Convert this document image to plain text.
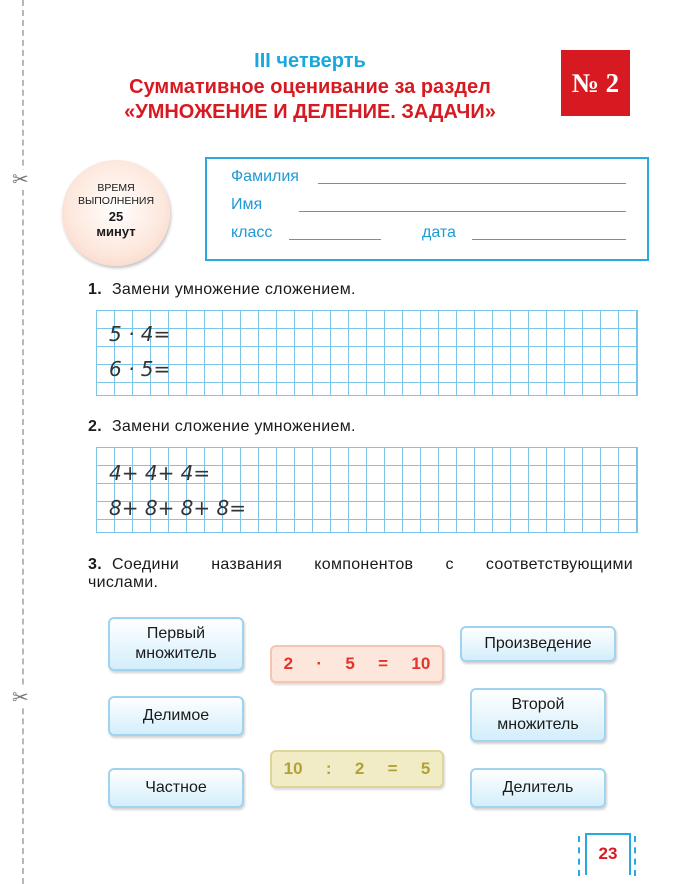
✂
✂
III четверть
Суммативное оценивание за раздел
«УМНОЖЕНИЕ И ДЕЛЕНИЕ. ЗАДАЧИ»
№ 2
ВРЕМЯ
ВЫПОЛНЕНИЯ
25
минут
Фамилия
Имя
класс	дата
1. Замени умножение сложением.
5 · 4=
6 · 5=
2. Замени сложение умножением.
4+ 4+ 4=
8+ 8+ 8+ 8=
3. Соедини названия компонентов с соответствующими
числами.
Первый множитель
Делимое
Частное
Произведение
Второй множитель
Делитель
2 · 5 = 10
10 : 2 = 5
23
